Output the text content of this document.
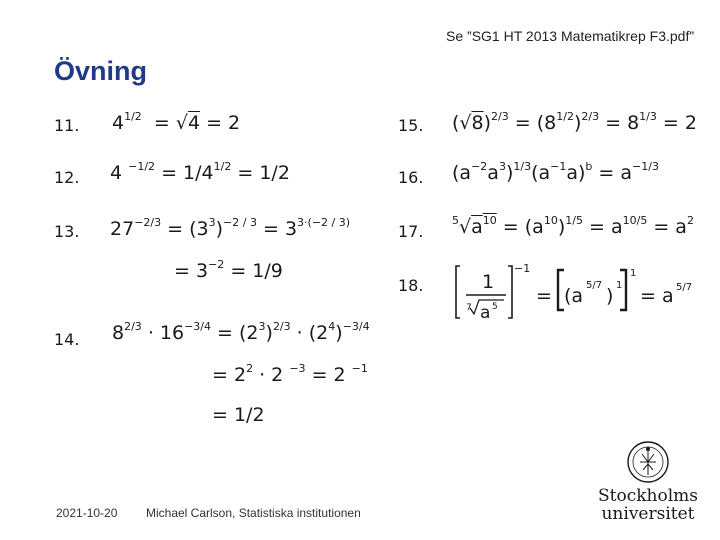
Se ”SG1 HT 2013 Matematikrep F3.pdf”
Övning
11.
12.
13.
14.
15.
16.
17.
18.
$4^{1/2} = √4 = 2$
4 $^{-1/2} = 1/4^{1/2} = 1/2$
$27^{-2/3} = (3^3)^{-2 / 3} = 3^{3\cdot(-2 / 3)}$
= $3^{-2} = 1/9$
$8^{2/3} \cdot 16^{-3/4} = (2^3)^{2/3} \cdot (2^4)^{-3/4}$
= $2^2 \cdot 2$ $^{-3}$ = 2 $^{-1}$
= 1/2
$(√8)^{2/3} = (8^{1/2})^{2/3} = 8^{1/3} = 2$
$(a^{-2}a^3)^{1/3}(a^{-1}a)^b = a^{-1/3}$
$^5√a^{10} = (a^{10})^{1/5} = a^{10/5} = a^2$
1
7 a 5
−1
= (a 5/7 ) 1
1
= a 5/7
2021-10-20 Michael Carlson, Statistiska institutionen
Stockholms
universitet
